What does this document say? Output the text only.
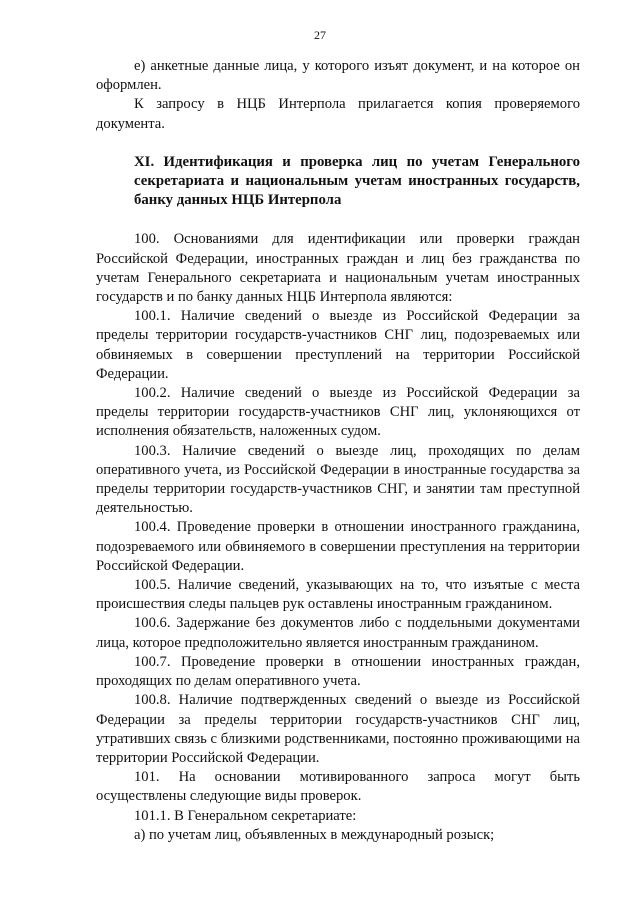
27

е) анкетные данные лица, у которого изъят документ, и на которое он оформлен.

К запросу в НЦБ Интерпола прилагается копия проверяемого документа.

XI. Идентификация и проверка лиц по учетам Генерального секретариата и национальным учетам иностранных государств, банку данных НЦБ Интерпола

100. Основаниями для идентификации или проверки граждан Российской Федерации, иностранных граждан и лиц без гражданства по учетам Генерального секретариата и национальным учетам иностранных государств и по банку данных НЦБ Интерпола являются:

100.1. Наличие сведений о выезде из Российской Федерации за пределы территории государств-участников СНГ лиц, подозреваемых или обвиняемых в совершении преступлений на территории Российской Федерации.

100.2. Наличие сведений о выезде из Российской Федерации за пределы территории государств-участников СНГ лиц, уклоняющихся от исполнения обязательств, наложенных судом.

100.3. Наличие сведений о выезде лиц, проходящих по делам оперативного учета, из Российской Федерации в иностранные государства за пределы территории государств-участников СНГ, и занятии там преступной деятельностью.

100.4. Проведение проверки в отношении иностранного гражданина, подозреваемого или обвиняемого в совершении преступления на территории Российской Федерации.

100.5. Наличие сведений, указывающих на то, что изъятые с места происшествия следы пальцев рук оставлены иностранным гражданином.

100.6. Задержание без документов либо с поддельными документами лица, которое предположительно является иностранным гражданином.

100.7. Проведение проверки в отношении иностранных граждан, проходящих по делам оперативного учета.

100.8. Наличие подтвержденных сведений о выезде из Российской Федерации за пределы территории государств-участников СНГ лиц, утративших связь с близкими родственниками, постоянно проживающими на территории Российской Федерации.

101. На основании мотивированного запроса могут быть осуществлены следующие виды проверок.

101.1. В Генеральном секретариате:

а) по учетам лиц, объявленных в международный розыск;
